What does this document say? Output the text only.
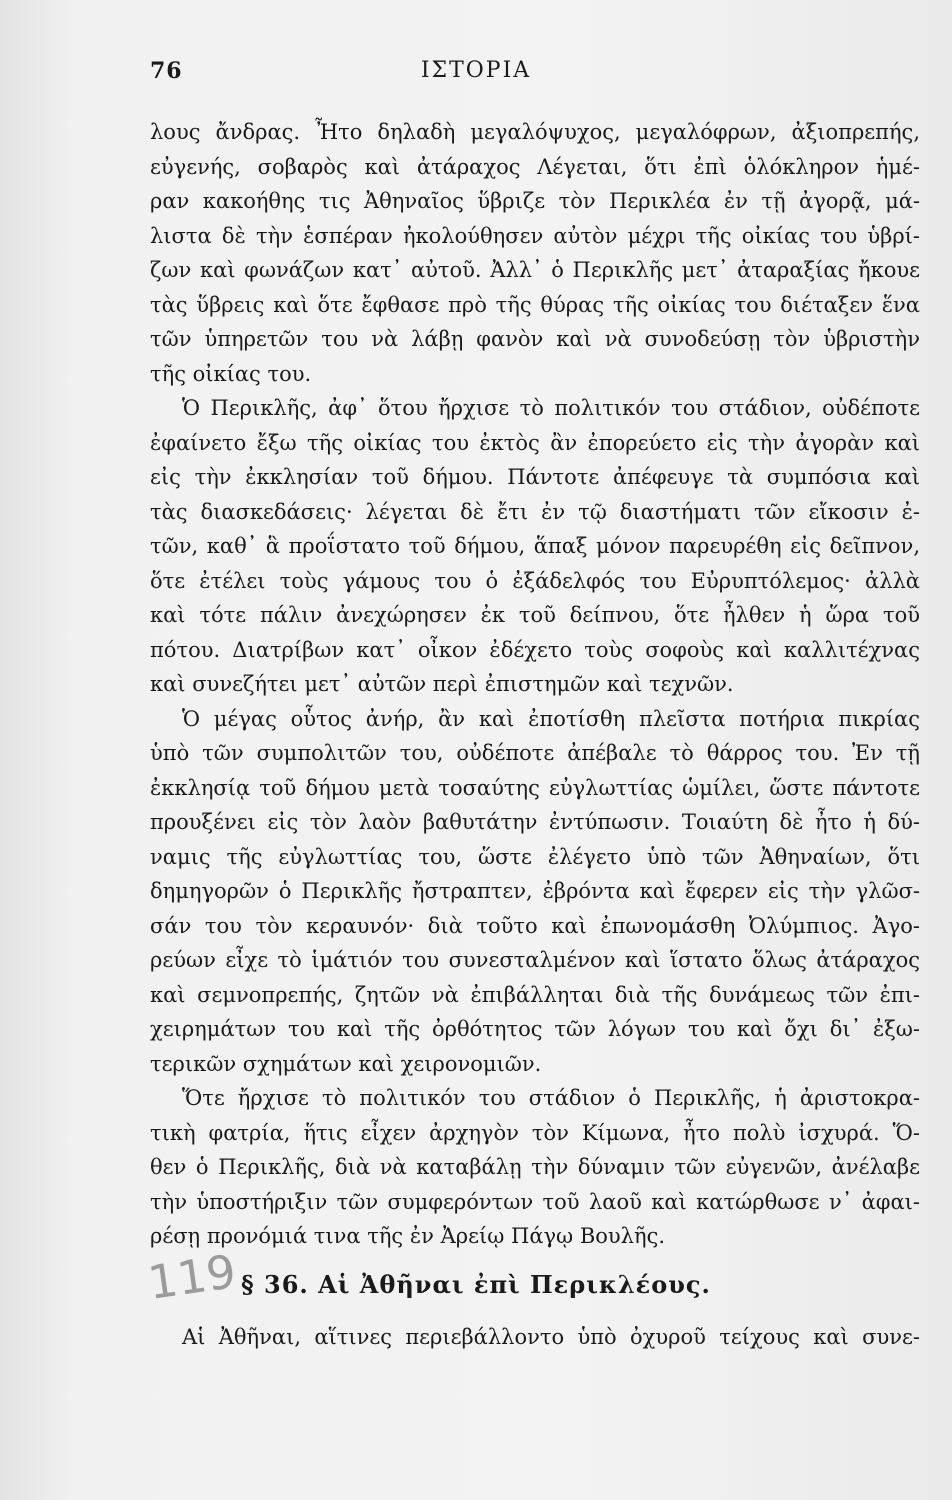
76	ΙΣΤΟΡΙΑ
λους ἄνδρας. Ἦτο δηλαδὴ μεγαλόψυχος, μεγαλόφρων, ἀξιοπρεπής,
εὐγενής, σοβαρὸς καὶ ἀτάραχος Λέγεται, ὅτι ἐπὶ ὁλόκληρον ἡμέ-
ραν κακοήθης τις Ἀθηναῖος ὕβριζε τὸν Περικλέα ἐν τῇ ἀγορᾷ, μά-
λιστα δὲ τὴν ἑσπέραν ἠκολούθησεν αὐτὸν μέχρι τῆς οἰκίας του ὑβρί-
ζων καὶ φωνάζων κατ᾽ αὐτοῦ. Ἀλλ᾽ ὁ Περικλῆς μετ᾽ ἀταραξίας ἤκουε
τὰς ὕβρεις καὶ ὅτε ἔφθασε πρὸ τῆς θύρας τῆς οἰκίας του διέταξεν ἕνα
τῶν ὑπηρετῶν του νὰ λάβῃ φανὸν καὶ νὰ συνοδεύσῃ τὸν ὑβριστὴν
τῆς οἰκίας του.
Ὁ Περικλῆς, ἀφ᾽ ὅτου ἤρχισε τὸ πολιτικόν του στάδιον, οὐδέποτε
ἐφαίνετο ἔξω τῆς οἰκίας του ἐκτὸς ἂν ἐπορεύετο εἰς τὴν ἀγορὰν καὶ
εἰς τὴν ἐκκλησίαν τοῦ δήμου. Πάντοτε ἀπέφευγε τὰ συμπόσια καὶ
τὰς διασκεδάσεις· λέγεται δὲ ἔτι ἐν τῷ διαστήματι τῶν εἴκοσιν ἐ-
τῶν, καθ᾽ ἃ προΐστατο τοῦ δήμου, ἅπαξ μόνον παρευρέθη εἰς δεῖπνον,
ὅτε ἐτέλει τοὺς γάμους του ὁ ἐξάδελφός του Εὐρυπτόλεμος· ἀλλὰ
καὶ τότε πάλιν ἀνεχώρησεν ἐκ τοῦ δείπνου, ὅτε ἦλθεν ἡ ὥρα τοῦ
πότου. Διατρίβων κατ᾽ οἶκον ἐδέχετο τοὺς σοφοὺς καὶ καλλιτέχνας
καὶ συνεζήτει μετ᾽ αὐτῶν περὶ ἐπιστημῶν καὶ τεχνῶν.
Ὁ μέγας οὗτος ἀνήρ, ἂν καὶ ἐποτίσθη πλεῖστα ποτήρια πικρίας
ὑπὸ τῶν συμπολιτῶν του, οὐδέποτε ἀπέβαλε τὸ θάρρος του. Ἐν τῇ
ἐκκλησίᾳ τοῦ δήμου μετὰ τοσαύτης εὐγλωττίας ὡμίλει, ὥστε πάντοτε
προυξένει εἰς τὸν λαὸν βαθυτάτην ἐντύπωσιν. Τοιαύτη δὲ ἦτο ἡ δύ-
ναμις τῆς εὐγλωττίας του, ὥστε ἐλέγετο ὑπὸ τῶν Ἀθηναίων, ὅτι
δημηγορῶν ὁ Περικλῆς ἤστραπτεν, ἐβρόντα καὶ ἔφερεν εἰς τὴν γλῶσ-
σάν του τὸν κεραυνόν· διὰ τοῦτο καὶ ἐπωνομάσθη Ὀλύμπιος. Ἀγο-
ρεύων εἶχε τὸ ἱμάτιόν του συνεσταλμένον καὶ ἵστατο ὅλως ἀτάραχος
καὶ σεμνοπρεπής, ζητῶν νὰ ἐπιβάλληται διὰ τῆς δυνάμεως τῶν ἐπι-
χειρημάτων του καὶ τῆς ὀρθότητος τῶν λόγων του καὶ ὄχι δι᾽ ἐξω-
τερικῶν σχημάτων καὶ χειρονομιῶν.
Ὅτε ἤρχισε τὸ πολιτικόν του στάδιον ὁ Περικλῆς, ἡ ἀριστοκρα-
τικὴ φατρία, ἥτις εἶχεν ἀρχηγὸν τὸν Κίμωνα, ἦτο πολὺ ἰσχυρά. Ὅ-
θεν ὁ Περικλῆς, διὰ νὰ καταβάλῃ τὴν δύναμιν τῶν εὐγενῶν, ἀνέλαβε
τὴν ὑποστήριξιν τῶν συμφερόντων τοῦ λαοῦ καὶ κατώρθωσε ν᾽ ἀφαι-
ρέσῃ προνόμιά τινα τῆς ἐν Ἀρείῳ Πάγῳ Βουλῆς.
119 § 36. Αἱ Ἀθῆναι ἐπὶ Περικλέους.
Αἱ Ἀθῆναι, αἵτινες περιεβάλλοντο ὑπὸ ὀχυροῦ τείχους καὶ συνε-
